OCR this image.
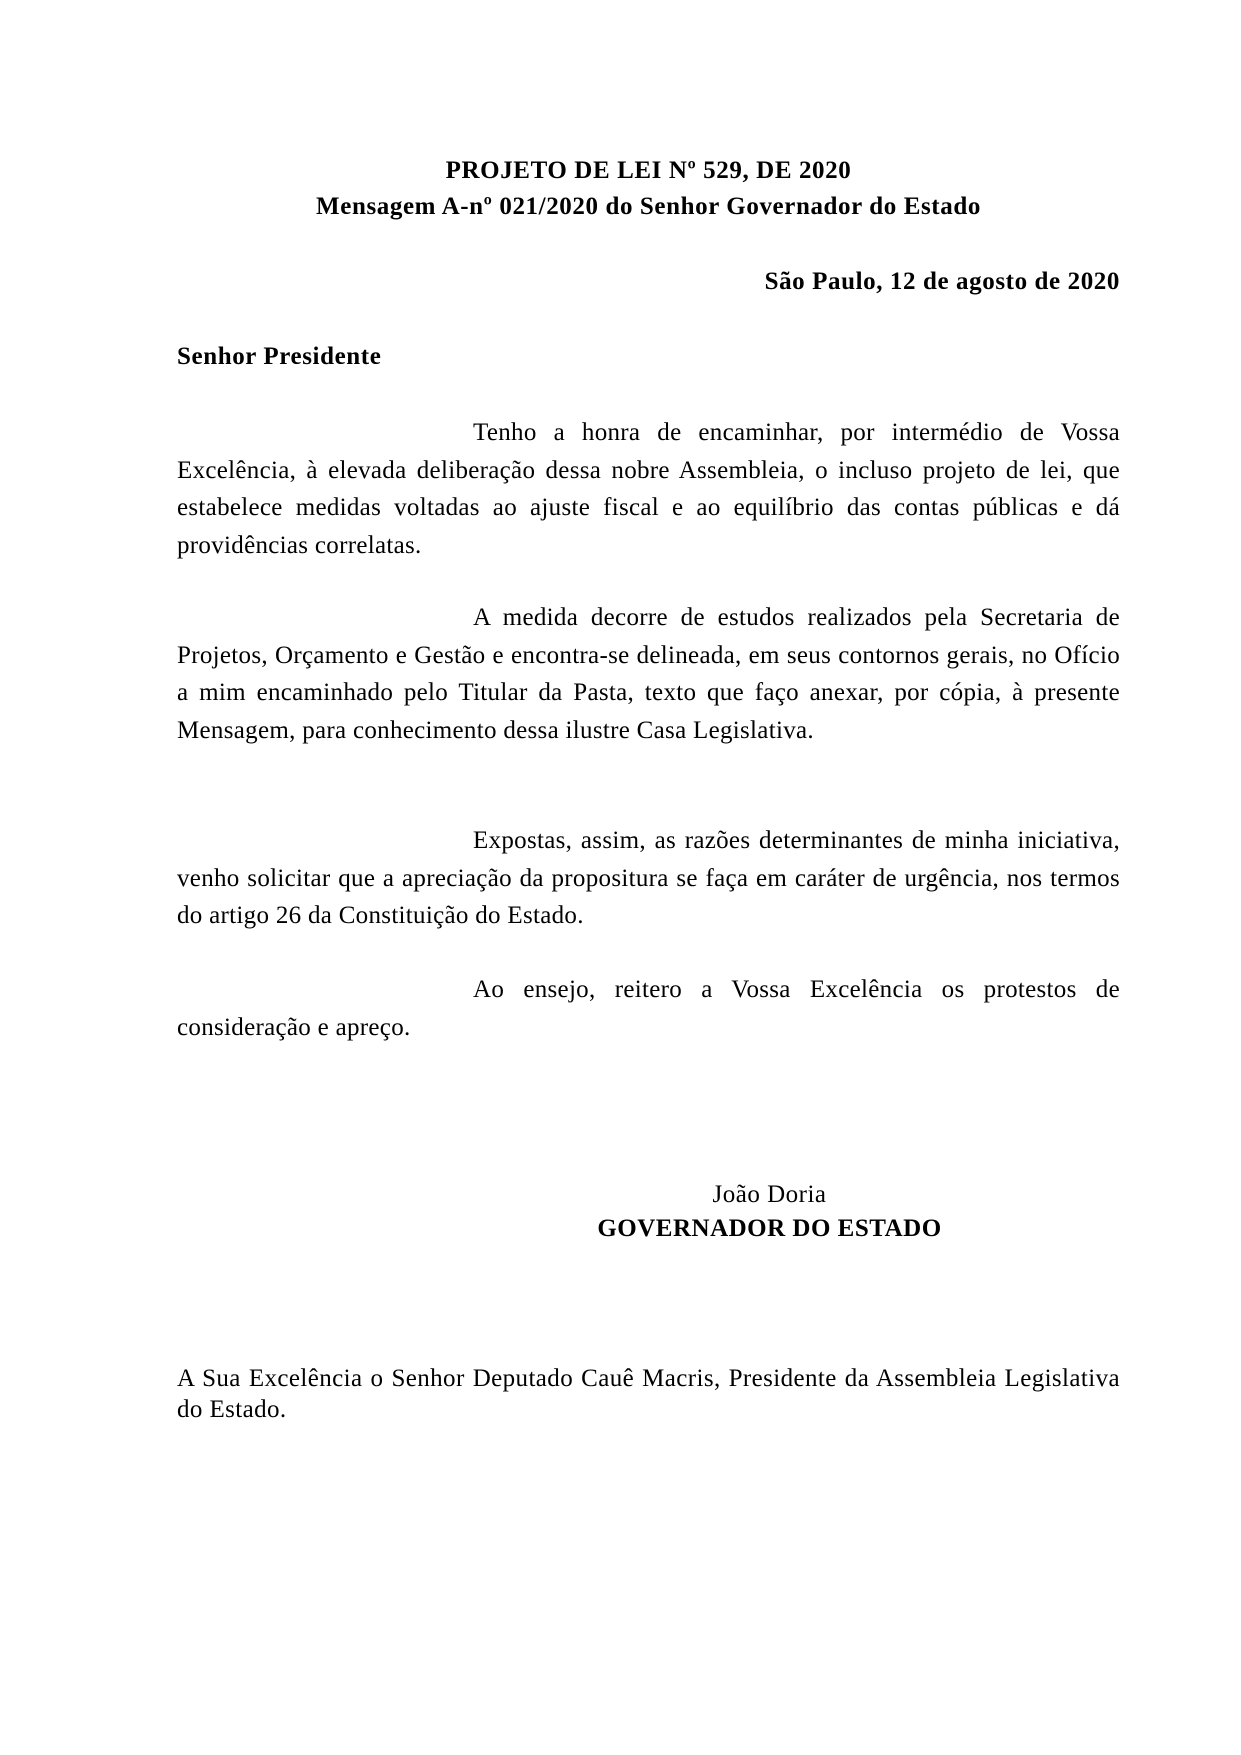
PROJETO DE LEI Nº 529, DE 2020
Mensagem A-nº 021/2020 do Senhor Governador do Estado
São Paulo, 12 de agosto de 2020
Senhor Presidente

Tenho a honra de encaminhar, por intermédio de Vossa Excelência, à elevada deliberação dessa nobre Assembleia, o incluso projeto de lei, que estabelece medidas voltadas ao ajuste fiscal e ao equilíbrio das contas públicas e dá providências correlatas.

A medida decorre de estudos realizados pela Secretaria de Projetos, Orçamento e Gestão e encontra-se delineada, em seus contornos gerais, no Ofício a mim encaminhado pelo Titular da Pasta, texto que faço anexar, por cópia, à presente Mensagem, para conhecimento dessa ilustre Casa Legislativa.

Expostas, assim, as razões determinantes de minha iniciativa, venho solicitar que a apreciação da propositura se faça em caráter de urgência, nos termos do artigo 26 da Constituição do Estado.

Ao ensejo, reitero a Vossa Excelência os protestos de consideração e apreço.

João Doria
GOVERNADOR DO ESTADO

A Sua Excelência o Senhor Deputado Cauê Macris, Presidente da Assembleia Legislativa do Estado.
